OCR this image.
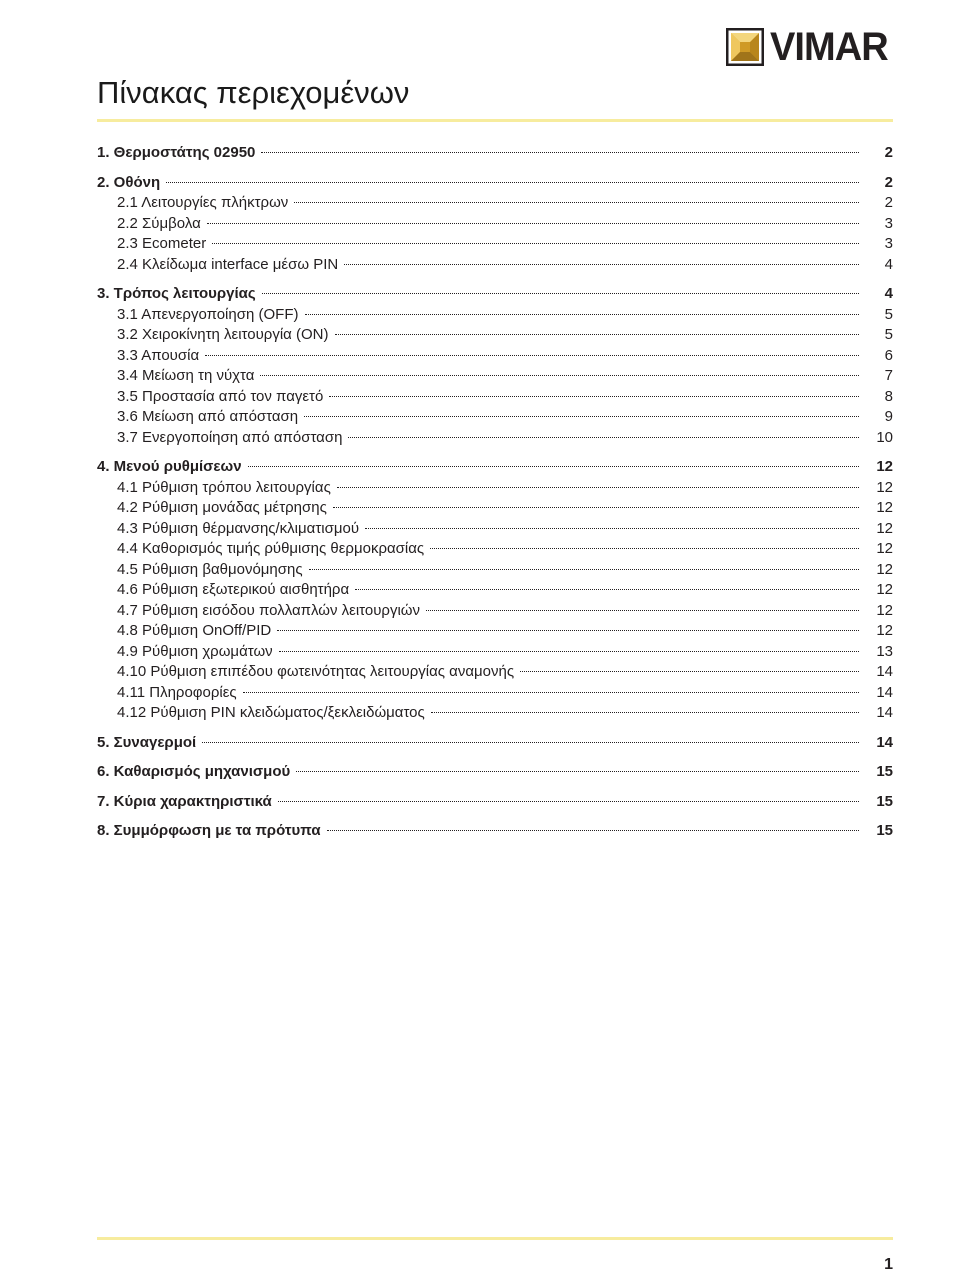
VIMAR
Πίνακας περιεχομένων
1. Θερμοστάτης 02950	2
2. Οθόνη	2
2.1 Λειτουργίες πλήκτρων	2
2.2 Σύμβολα	3
2.3 Ecometer	3
2.4 Κλείδωμα interface μέσω PIN	4
3. Τρόπος λειτουργίας	4
3.1 Απενεργοποίηση (OFF)	5
3.2 Χειροκίνητη λειτουργία (ON)	5
3.3 Απουσία	6
3.4 Μείωση τη νύχτα	7
3.5 Προστασία από τον παγετό	8
3.6 Μείωση από απόσταση	9
3.7 Ενεργοποίηση από απόσταση	10
4. Μενού ρυθμίσεων	12
4.1 Ρύθμιση τρόπου λειτουργίας	12
4.2 Ρύθμιση μονάδας μέτρησης	12
4.3 Ρύθμιση θέρμανσης/κλιματισμού	12
4.4 Καθορισμός τιμής ρύθμισης θερμοκρασίας	12
4.5 Ρύθμιση βαθμονόμησης	12
4.6 Ρύθμιση εξωτερικού αισθητήρα	12
4.7 Ρύθμιση εισόδου πολλαπλών λειτουργιών	12
4.8 Ρύθμιση OnOff/PID	12
4.9 Ρύθμιση χρωμάτων	13
4.10 Ρύθμιση επιπέδου φωτεινότητας λειτουργίας αναμονής	14
4.11 Πληροφορίες	14
4.12 Ρύθμιση PIN κλειδώματος/ξεκλειδώματος	14
5. Συναγερμοί	14
6. Καθαρισμός μηχανισμού	15
7. Κύρια χαρακτηριστικά	15
8. Συμμόρφωση με τα πρότυπα	15
1
